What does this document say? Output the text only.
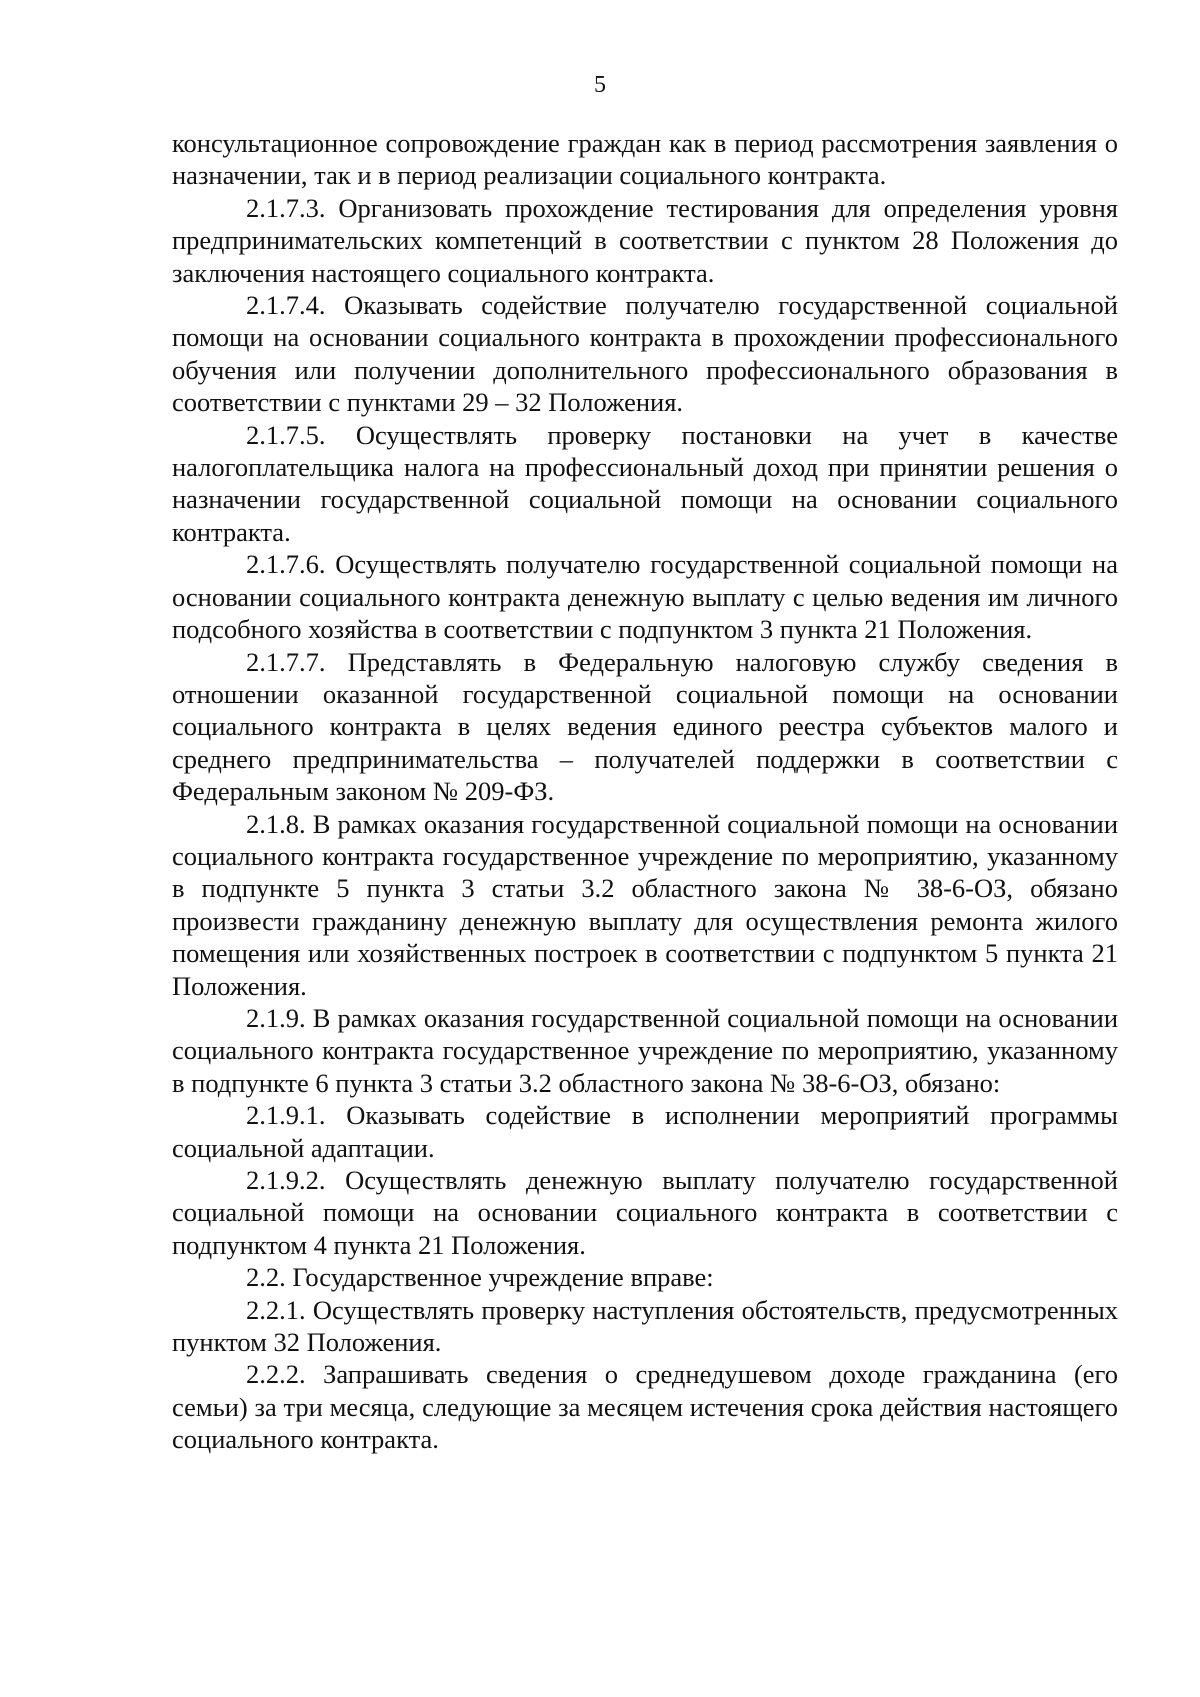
5

консультационное сопровождение граждан как в период рассмотрения заявления о назначении, так и в период реализации социального контракта.

2.1.7.3. Организовать прохождение тестирования для определения уровня предпринимательских компетенций в соответствии с пунктом 28 Положения до заключения настоящего социального контракта.

2.1.7.4. Оказывать содействие получателю государственной социальной помощи на основании социального контракта в прохождении профессионального обучения или получении дополнительного профессионального образования в соответствии с пунктами 29 – 32 Положения.

2.1.7.5. Осуществлять проверку постановки на учет в качестве налогоплательщика налога на профессиональный доход при принятии решения о назначении государственной социальной помощи на основании социального контракта.

2.1.7.6. Осуществлять получателю государственной социальной помощи на основании социального контракта денежную выплату с целью ведения им личного подсобного хозяйства в соответствии с подпунктом 3 пункта 21 Положения.

2.1.7.7. Представлять в Федеральную налоговую службу сведения в отношении оказанной государственной социальной помощи на основании социального контракта в целях ведения единого реестра субъектов малого и среднего предпринимательства – получателей поддержки в соответствии с Федеральным законом № 209-ФЗ.

2.1.8. В рамках оказания государственной социальной помощи на основании социального контракта государственное учреждение по мероприятию, указанному в подпункте 5 пункта 3 статьи 3.2 областного закона № 38-6-ОЗ, обязано произвести гражданину денежную выплату для осуществления ремонта жилого помещения или хозяйственных построек в соответствии с подпунктом 5 пункта 21 Положения.

2.1.9. В рамках оказания государственной социальной помощи на основании социального контракта государственное учреждение по мероприятию, указанному в подпункте 6 пункта 3 статьи 3.2 областного закона № 38-6-ОЗ, обязано:

2.1.9.1. Оказывать содействие в исполнении мероприятий программы социальной адаптации.

2.1.9.2. Осуществлять денежную выплату получателю государственной социальной помощи на основании социального контракта в соответствии с подпунктом 4 пункта 21 Положения.

2.2. Государственное учреждение вправе:

2.2.1. Осуществлять проверку наступления обстоятельств, предусмотренных пунктом 32 Положения.

2.2.2. Запрашивать сведения о среднедушевом доходе гражданина (его семьи) за три месяца, следующие за месяцем истечения срока действия настоящего социального контракта.
